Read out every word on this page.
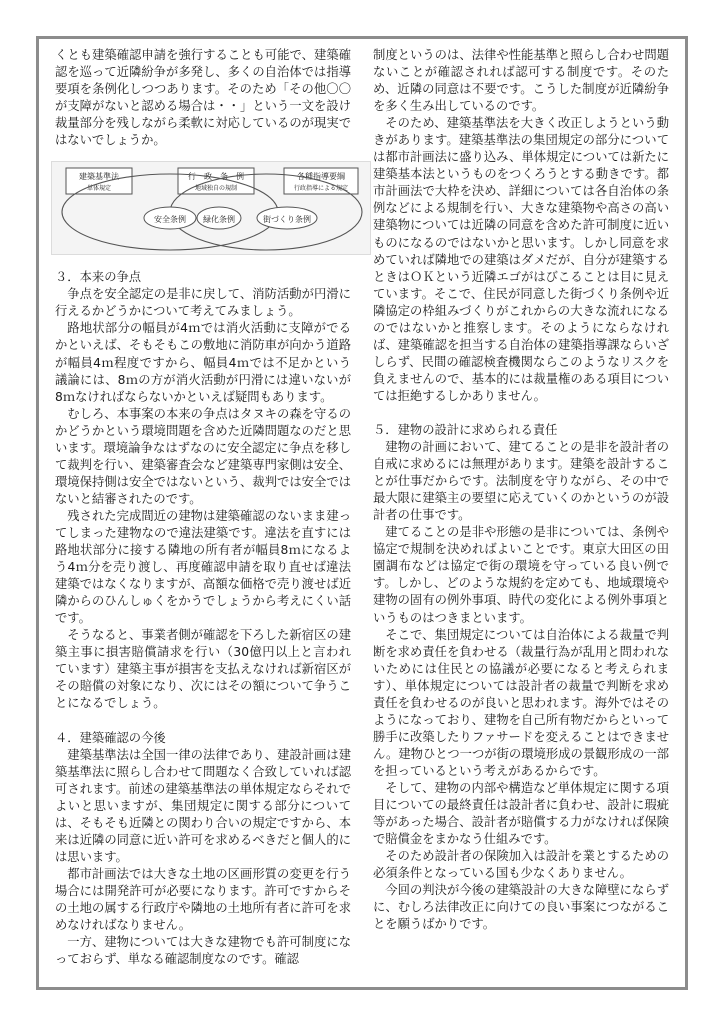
くとも建築確認申請を強行することも可能で、建築確認を巡って近隣紛争が多発し、多くの自治体では指導要項を条例化しつつあります。そのため「その他〇〇が支障がないと認める場合は・・」という一文を設け裁量部分を残しながら柔軟に対応しているのが現実ではないでしょうか。

建築基準法
単体規定
行　政　条　例
地域独自の規制
各種指導要綱
行政指導による規定
安全条例 緑化条例	街づくり条例
３．本来の争点

争点を安全認定の是非に戻して、消防活動が円滑に行えるかどうかについて考えてみましょう。

路地状部分の幅員が4ｍでは消火活動に支障がでるかといえば、そもそもこの敷地に消防車が向かう道路が幅員4ｍ程度ですから、幅員4ｍでは不足かという議論には、8ｍの方が消火活動が円滑には違いないが8ｍなければならないかといえば疑問もあります。

むしろ、本事案の本来の争点はタヌキの森を守るのかどうかという環境問題を含めた近隣問題なのだと思います。環境論争なはずなのに安全認定に争点を移して裁判を行い、建築審査会など建築専門家側は安全、環境保持側は安全ではないという、裁判では安全ではないと結審されたのです。

残された完成間近の建物は建築確認のないまま建ってしまった建物なので違法建築です。違法を直すには路地状部分に接する隣地の所有者が幅員8ｍになるよう4ｍ分を売り渡し、再度確認申請を取り直せば違法建築ではなくなりますが、高額な価格で売り渡せば近隣からのひんしゅくをかうでしょうから考えにくい話です。

そうなると、事業者側が確認を下ろした新宿区の建築主事に損害賠償請求を行い（30億円以上と言われています）建築主事が損害を支払えなければ新宿区がその賠償の対象になり、次にはその額について争うことになるでしょう。

４．建築確認の今後

建築基準法は全国一律の法律であり、建設計画は建築基準法に照らし合わせて問題なく合致していれば認可されます。前述の建築基準法の単体規定ならそれでよいと思いますが、集団規定に関する部分については、そもそも近隣との関わり合いの規定ですから、本来は近隣の同意に近い許可を求めるべきだと個人的には思います。

都市計画法では大きな土地の区画形質の変更を行う場合には開発許可が必要になります。許可ですからその土地の属する行政庁や隣地の土地所有者に許可を求めなければなりません。

一方、建物については大きな建物でも許可制度になっておらず、単なる確認制度なのです。確認

制度というのは、法律や性能基準と照らし合わせ問題ないことが確認されれば認可する制度です。そのため、近隣の同意は不要です。こうした制度が近隣紛争を多く生み出しているのです。

そのため、建築基準法を大きく改正しようという動きがあります。建築基準法の集団規定の部分については都市計画法に盛り込み、単体規定については新たに建築基本法というものをつくろうとする動きです。都市計画法で大枠を決め、詳細については各自治体の条例などによる規制を行い、大きな建築物や高さの高い建築物については近隣の同意を含めた許可制度に近いものになるのではないかと思います。しかし同意を求めていれば隣地での建築はダメだが、自分が建築するときはＯＫという近隣エゴがはびこることは目に見えています。そこで、住民が同意した街づくり条例や近隣協定の枠組みづくりがこれからの大きな流れになるのではないかと推察します。そのようにならなければ、建築確認を担当する自治体の建築指導課ならいざしらず、民間の確認検査機関ならこのようなリスクを負えませんので、基本的には裁量権のある項目については拒絶するしかありません。

５．建物の設計に求められる責任

建物の計画において、建てることの是非を設計者の自戒に求めるには無理があります。建築を設計することが仕事だからです。法制度を守りながら、その中で最大限に建築主の要望に応えていくのかというのが設計者の仕事です。

建てることの是非や形態の是非については、条例や協定で規制を決めればよいことです。東京大田区の田園調布などは協定で街の環境を守っている良い例です。しかし、どのような規約を定めても、地域環境や建物の固有の例外事項、時代の変化による例外事項というものはつきまといます。

そこで、集団規定については自治体による裁量で判断を求め責任を負わせる（裁量行為が乱用と問われないためには住民との協議が必要になると考えられます）、単体規定については設計者の裁量で判断を求め責任を負わせるのが良いと思われます。海外ではそのようになっており、建物を自己所有物だからといって勝手に改築したりファサードを変えることはできません。建物ひとつ一つが街の環境形成の景観形成の一部を担っているという考えがあるからです。

そして、建物の内部や構造など単体規定に関する項目についての最終責任は設計者に負わせ、設計に瑕疵等があった場合、設計者が賠償する力がなければ保険で賠償金をまかなう仕組みです。

そのため設計者の保険加入は設計を業とするための必須条件となっている国も少なくありません。

今回の判決が今後の建築設計の大きな障壁にならずに、むしろ法律改正に向けての良い事案につながることを願うばかりです。
